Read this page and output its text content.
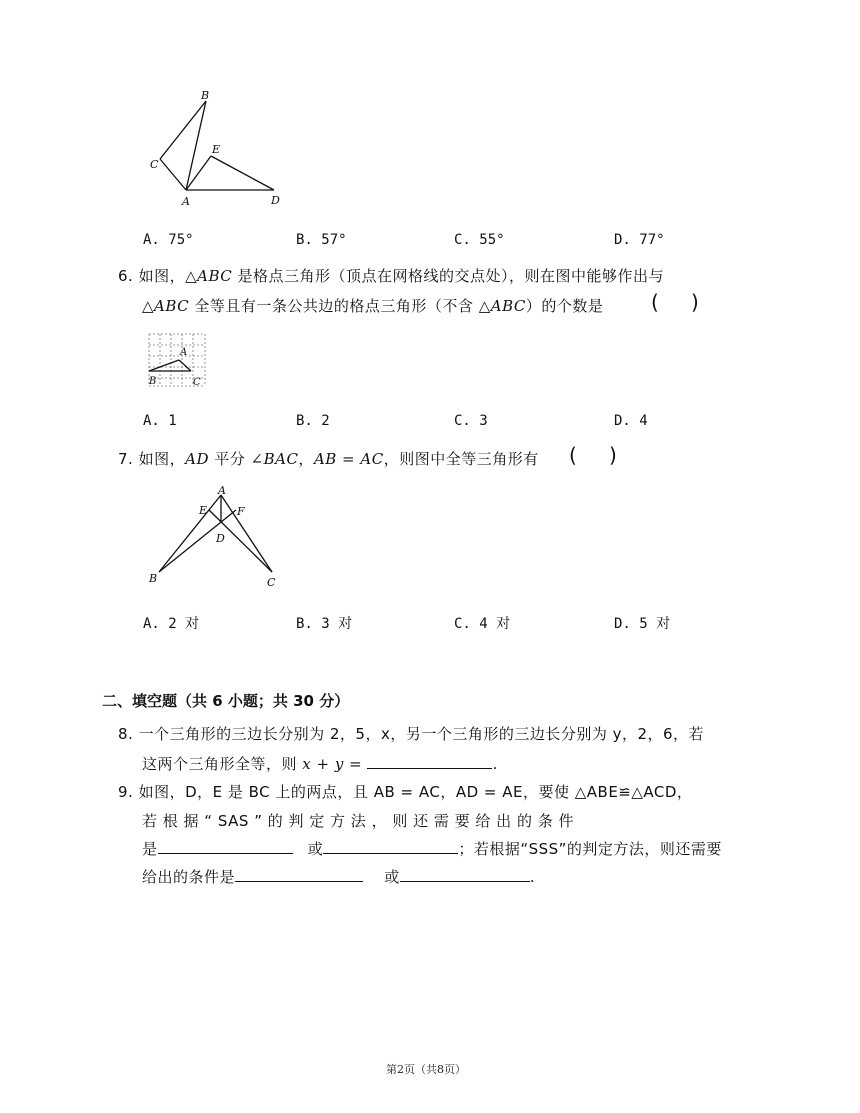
B
C
E
A	D
A. 75°	B. 57°	C. 55°	D. 77°
6. 如图，△ABC 是格点三角形（顶点在网格线的交点处），则在图中能够作出与
△ABC 全等且有一条公共边的格点三角形（不含 △ABC）的个数是 ( )
A
B	C
A. 1	B. 2	C. 3	D. 4
7. 如图，AD 平分 ∠BAC，AB = AC，则图中全等三角形有 ( )
A
E	F
D
B	C
A. 2 对	B. 3 对	C. 4 对	D. 5 对
二、填空题（共 6 小题；共 30 分）
8. 一个三角形的三边长分别为 2，5，x，另一个三角形的三边长分别为 y，2，6，若
这两个三角形全等，则 x + y =	.
9. 如图，D，E 是 BC 上的两点，且 AB = AC，AD = AE，要使 △ABE≌△ACD，
若 根 据 “ SAS ” 的 判 定 方 法 ， 则 还 需 要 给 出 的 条 件
是	或	；若根据“SSS”的判定方法，则还需要
给出的条件是	或	.
第2页（共8页）
